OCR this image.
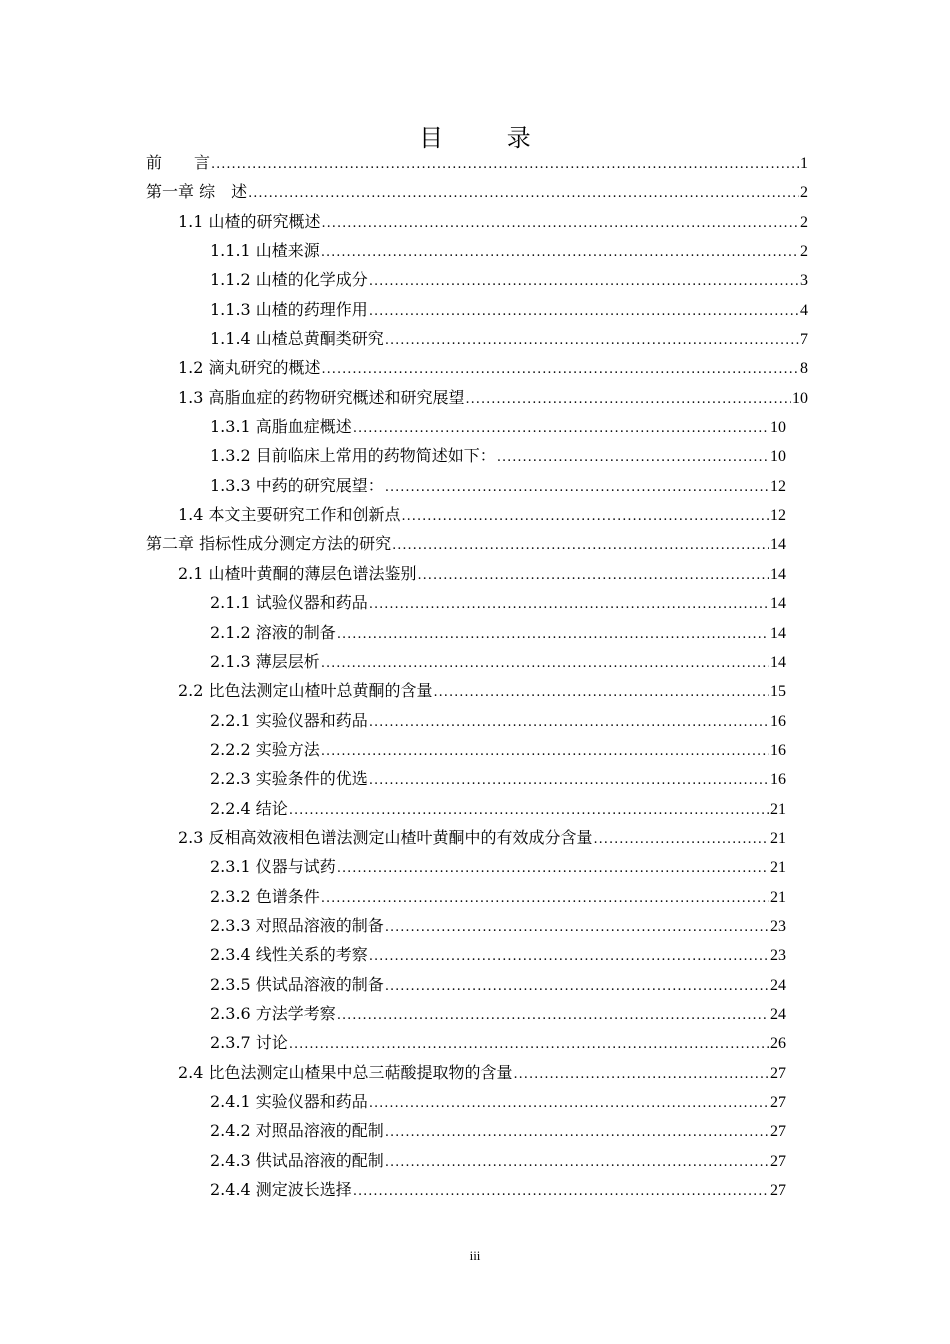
目 录
前　　言 .....	1
第一章 综　述 .....	2
1.1 山楂的研究概述 .....	2
1.1.1 山楂来源 .....	2
1.1.2 山楂的化学成分 .....	3
1.1.3 山楂的药理作用 .....	4
1.1.4 山楂总黄酮类研究 .....	7
1.2 滴丸研究的概述 .....	8
1.3 高脂血症的药物研究概述和研究展望 .....	10
1.3.1 高脂血症概述 .....	10
1.3.2 目前临床上常用的药物简述如下： .....	10
1.3.3 中药的研究展望： .....	12
1.4 本文主要研究工作和创新点 .....	12
第二章 指标性成分测定方法的研究 .....	14
2.1 山楂叶黄酮的薄层色谱法鉴别 .....	14
2.1.1 试验仪器和药品 .....	14
2.1.2 溶液的制备 .....	14
2.1.3 薄层层析 .....	14
2.2 比色法测定山楂叶总黄酮的含量 .....	15
2.2.1 实验仪器和药品 .....	16
2.2.2 实验方法 .....	16
2.2.3 实验条件的优选 .....	16
2.2.4 结论 .....	21
2.3 反相高效液相色谱法测定山楂叶黄酮中的有效成分含量 .....	21
2.3.1 仪器与试药 .....	21
2.3.2 色谱条件 .....	21
2.3.3 对照品溶液的制备 .....	23
2.3.4 线性关系的考察 .....	23
2.3.5 供试品溶液的制备 .....	24
2.3.6 方法学考察 .....	24
2.3.7 讨论 .....	26
2.4 比色法测定山楂果中总三萜酸提取物的含量 .....	27
2.4.1 实验仪器和药品 .....	27
2.4.2 对照品溶液的配制 .....	27
2.4.3 供试品溶液的配制 .....	27
2.4.4 测定波长选择 .....	27
iii
